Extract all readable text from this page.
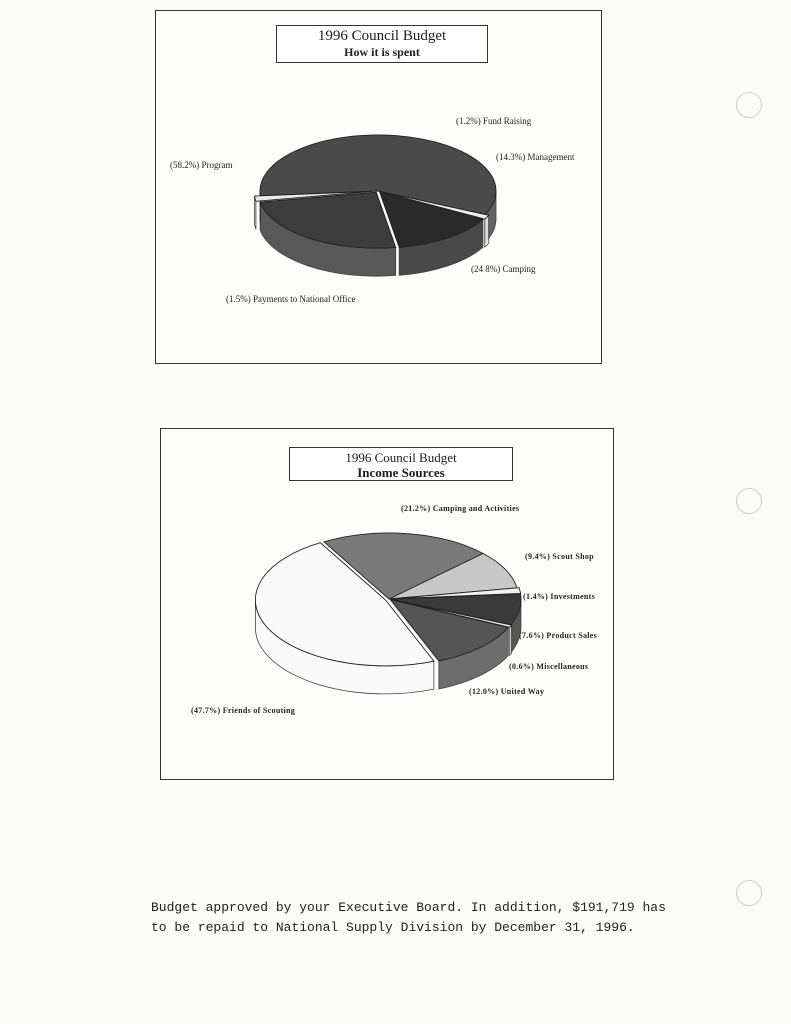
1996 Council Budget
How it is spent
(58.2%) Program
(1.2%) Fund Raising
(14.3%) Management
(24 8%) Camping
(1.5%) Payments to National Office
1996 Council Budget
Income Sources
(21.2%) Camping and Activities
(9.4%) Scout Shop
(1.4%) Investments
(7.6%) Product Sales
(0.6%) Miscellaneous
(12.0%) United Way
(47.7%) Friends of Scouting
Budget approved by your Executive Board. In addition, $191,719 has
to be repaid to National Supply Division by December 31, 1996.
